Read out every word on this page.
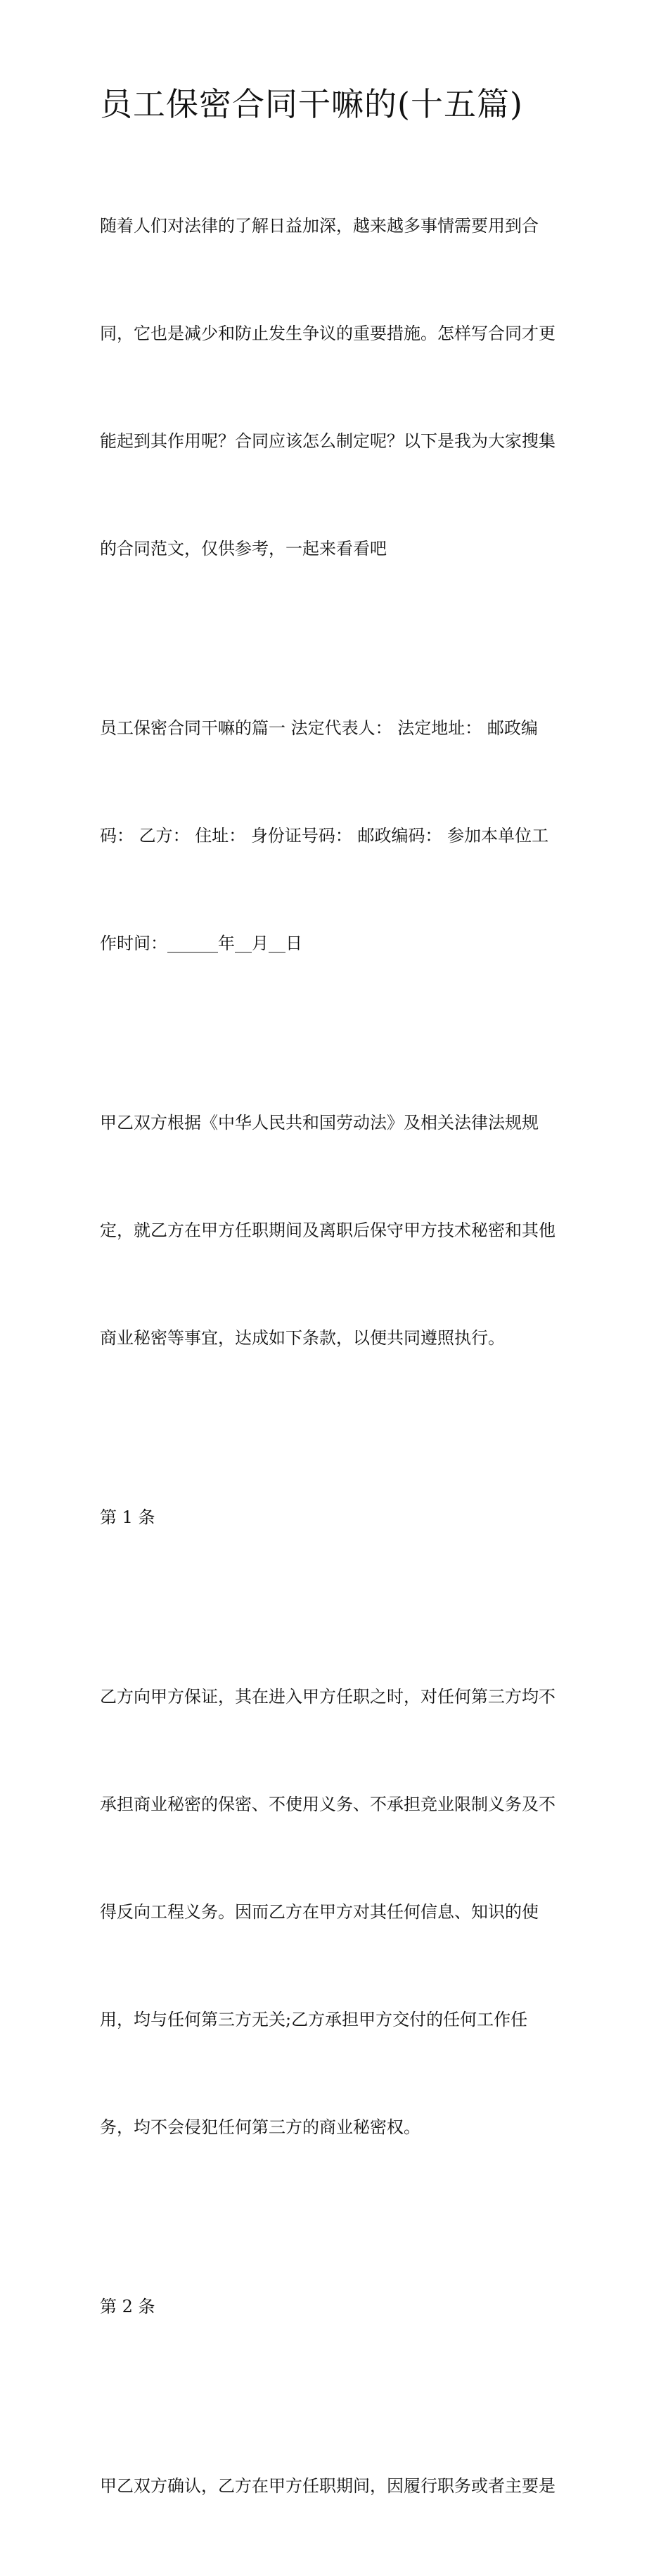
员工保密合同干嘛的(十五篇)

随着人们对法律的了解日益加深，越来越多事情需要用到合

同，它也是减少和防止发生争议的重要措施。怎样写合同才更

能起到其作用呢？合同应该怎么制定呢？以下是我为大家搜集

的合同范文，仅供参考，一起来看看吧

员工保密合同干嘛的篇一 法定代表人： 法定地址： 邮政编

码： 乙方： 住址： 身份证号码： 邮政编码： 参加本单位工

作时间：______年__月__日

甲乙双方根据《中华人民共和国劳动法》及相关法律法规规

定，就乙方在甲方任职期间及离职后保守甲方技术秘密和其他

商业秘密等事宜，达成如下条款，以便共同遵照执行。

第 1 条

乙方向甲方保证，其在进入甲方任职之时，对任何第三方均不

承担商业秘密的保密、不使用义务、不承担竞业限制义务及不

得反向工程义务。因而乙方在甲方对其任何信息、知识的使

用，均与任何第三方无关;乙方承担甲方交付的任何工作任

务，均不会侵犯任何第三方的商业秘密权。

第 2 条

甲乙双方确认，乙方在甲方任职期间，因履行职务或者主要是
